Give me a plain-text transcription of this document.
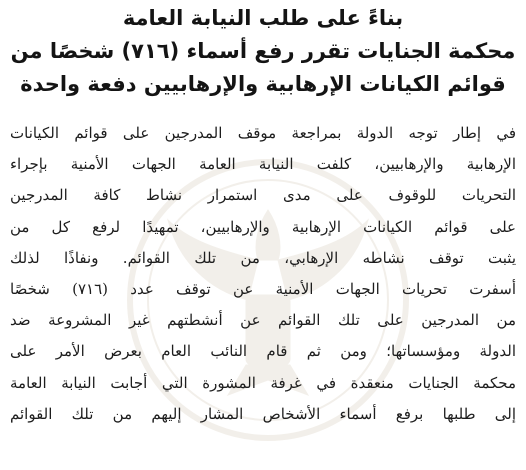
بناءً على طلب النيابة العامة
محكمة الجنايات تقرر رفع أسماء (٧١٦) شخصًا من
قوائم الكيانات الإرهابية والإرهابيين دفعة واحدة
في إطار توجه الدولة بمراجعة موقف المدرجين على قوائم الكيانات
الإرهابية والإرهابيين، كلفت النيابة العامة الجهات الأمنية بإجراء
التحريات للوقوف على مدى استمرار نشاط كافة المدرجين
على قوائم الكيانات الإرهابية والإرهابيين، تمهيدًا لرفع كل من
يثبت توقف نشاطه الإرهابي، من تلك القوائم. ونفاذًا لذلك
أسفرت تحريات الجهات الأمنية عن توقف عدد (٧١٦) شخصًا
من المدرجين على تلك القوائم عن أنشطتهم غير المشروعة ضد
الدولة ومؤسساتها؛ ومن ثم قام النائب العام بعرض الأمر على
محكمة الجنايات منعقدة في غرفة المشورة التي أجابت النيابة العامة
إلى طلبها برفع أسماء الأشخاص المشار إليهم من تلك القوائم
